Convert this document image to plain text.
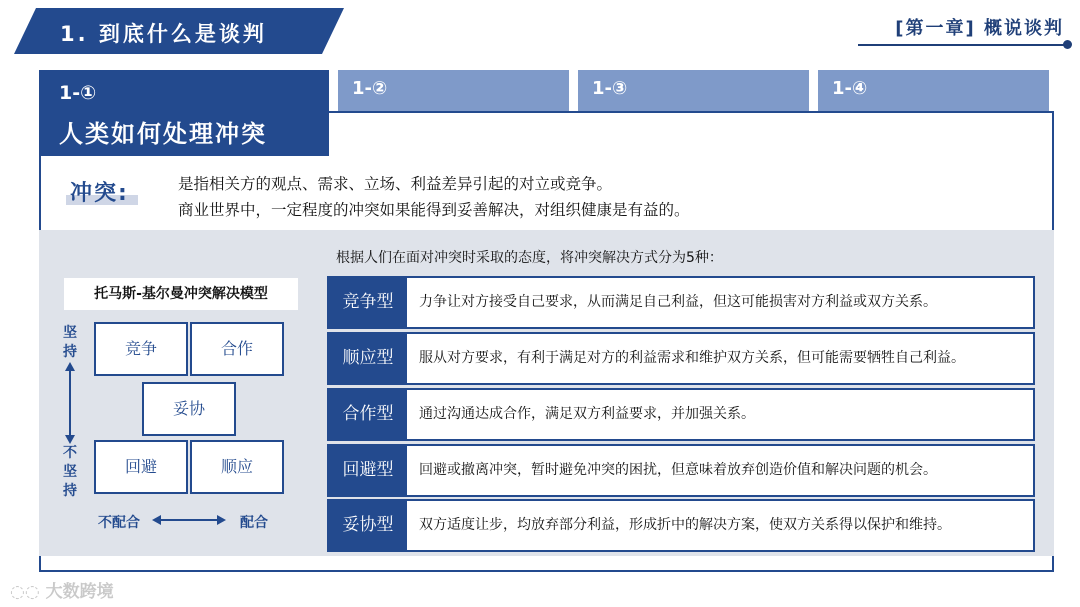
1. 到底什么是谈判	[第一章] 概说谈判
1-②	1-③	1-④
1-①
人类如何处理冲突
冲突:	是指相关方的观点、需求、立场、利益差异引起的对立或竞争。
商业世界中，一定程度的冲突如果能得到妥善解决，对组织健康是有益的。
托马斯-基尔曼冲突解决模型
竞争	合作
妥协
回避	顺应
坚持
不坚持
不配合	配合
根据人们在面对冲突时采取的态度，将冲突解决方式分为5种：
竞争型	力争让对方接受自己要求，从而满足自己利益，但这可能损害对方利益或双方关系。
顺应型	服从对方要求，有利于满足对方的利益需求和维护双方关系，但可能需要牺牲自己利益。
合作型	通过沟通达成合作，满足双方利益要求，并加强关系。
回避型	回避或撤离冲突，暂时避免冲突的困扰，但意味着放弃创造价值和解决问题的机会。
妥协型	双方适度让步，均放弃部分利益，形成折中的解决方案，使双方关系得以保护和维持。
◌◌ 大数跨境
